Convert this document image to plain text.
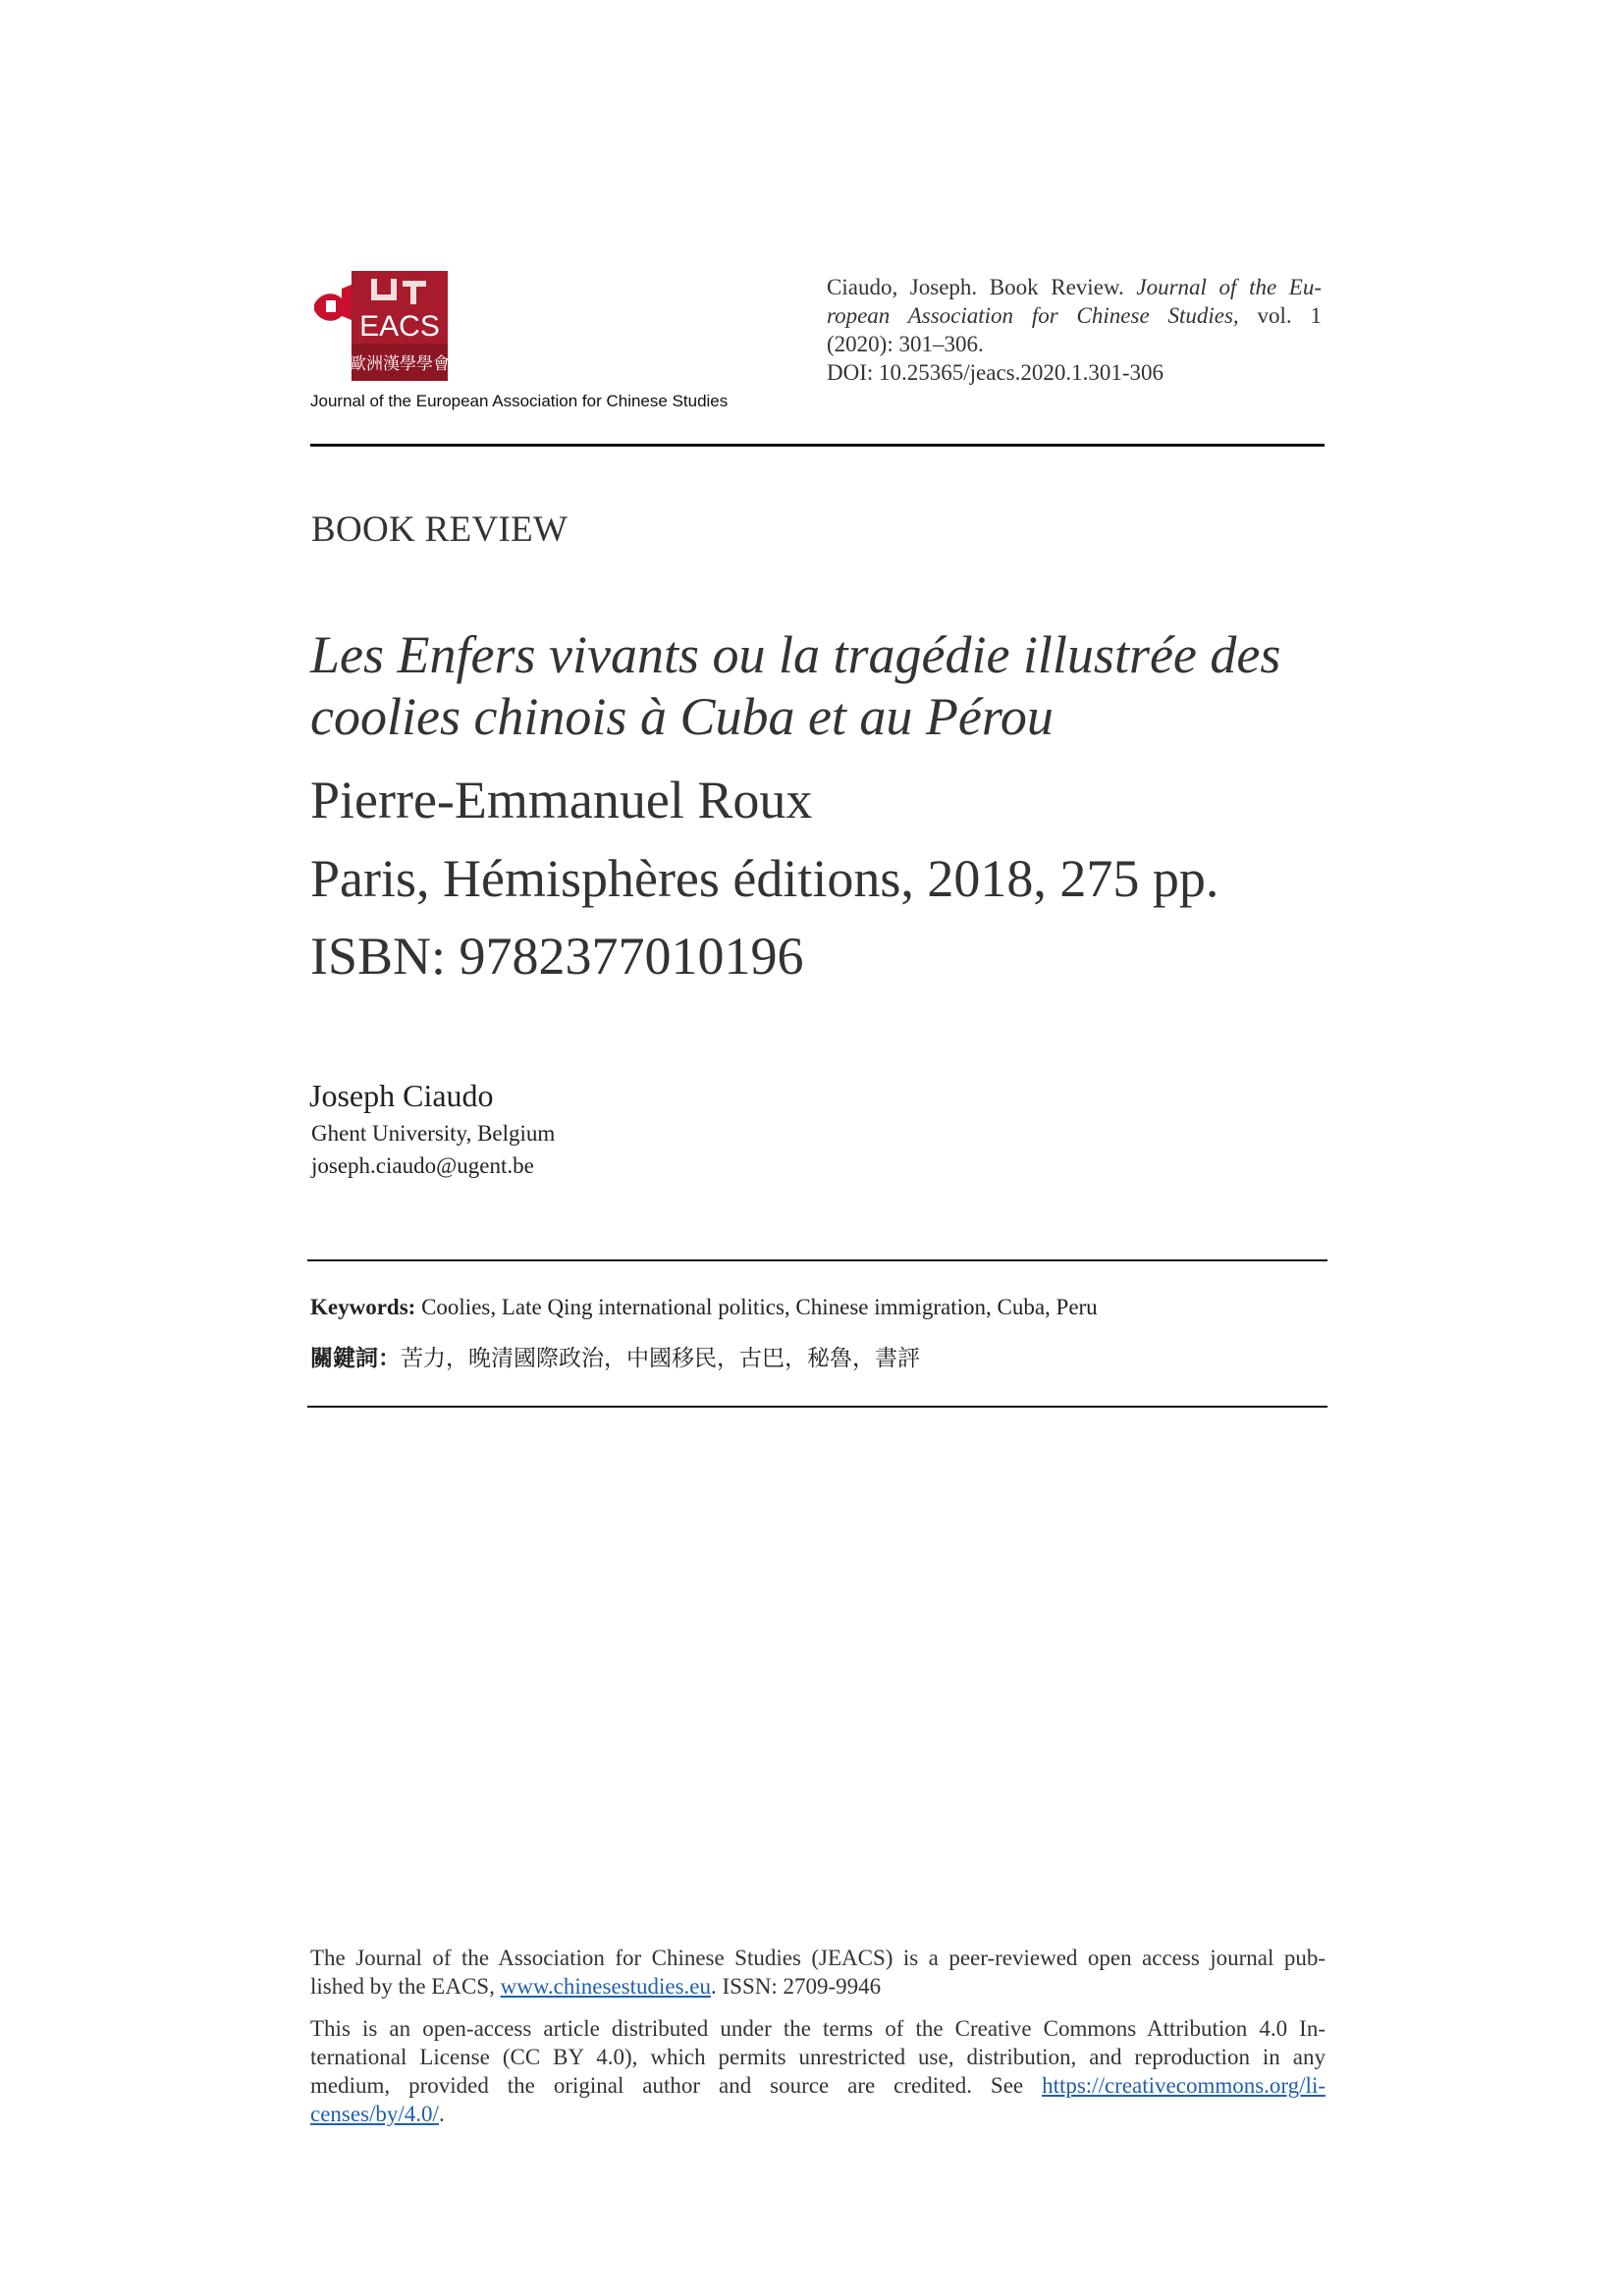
EACS
歐洲漢學學會
Journal of the European Association for Chinese Studies
Ciaudo, Joseph. Book Review. Journal of the Eu-
ropean Association for Chinese Studies, vol. 1
(2020): 301–306.
DOI: 10.25365/jeacs.2020.1.301-306
BOOK REVIEW
Les Enfers vivants ou la tragédie illustrée des
coolies chinois à Cuba et au Pérou
Pierre-Emmanuel Roux
Paris, Hémisphères éditions, 2018, 275 pp.
ISBN: 9782377010196
Joseph Ciaudo
Ghent University, Belgium
joseph.ciaudo@ugent.be
Keywords: Coolies, Late Qing international politics, Chinese immigration, Cuba, Peru
關鍵詞：苦力，晚清國際政治，中國移民，古巴，秘魯，書評
The Journal of the Association for Chinese Studies (JEACS) is a peer-reviewed open access journal pub-
lished by the EACS, www.chinesestudies.eu. ISSN: 2709-9946
This is an open-access article distributed under the terms of the Creative Commons Attribution 4.0 In-
ternational License (CC BY 4.0), which permits unrestricted use, distribution, and reproduction in any
medium, provided the original author and source are credited. See https://creativecommons.org/li-
censes/by/4.0/.
